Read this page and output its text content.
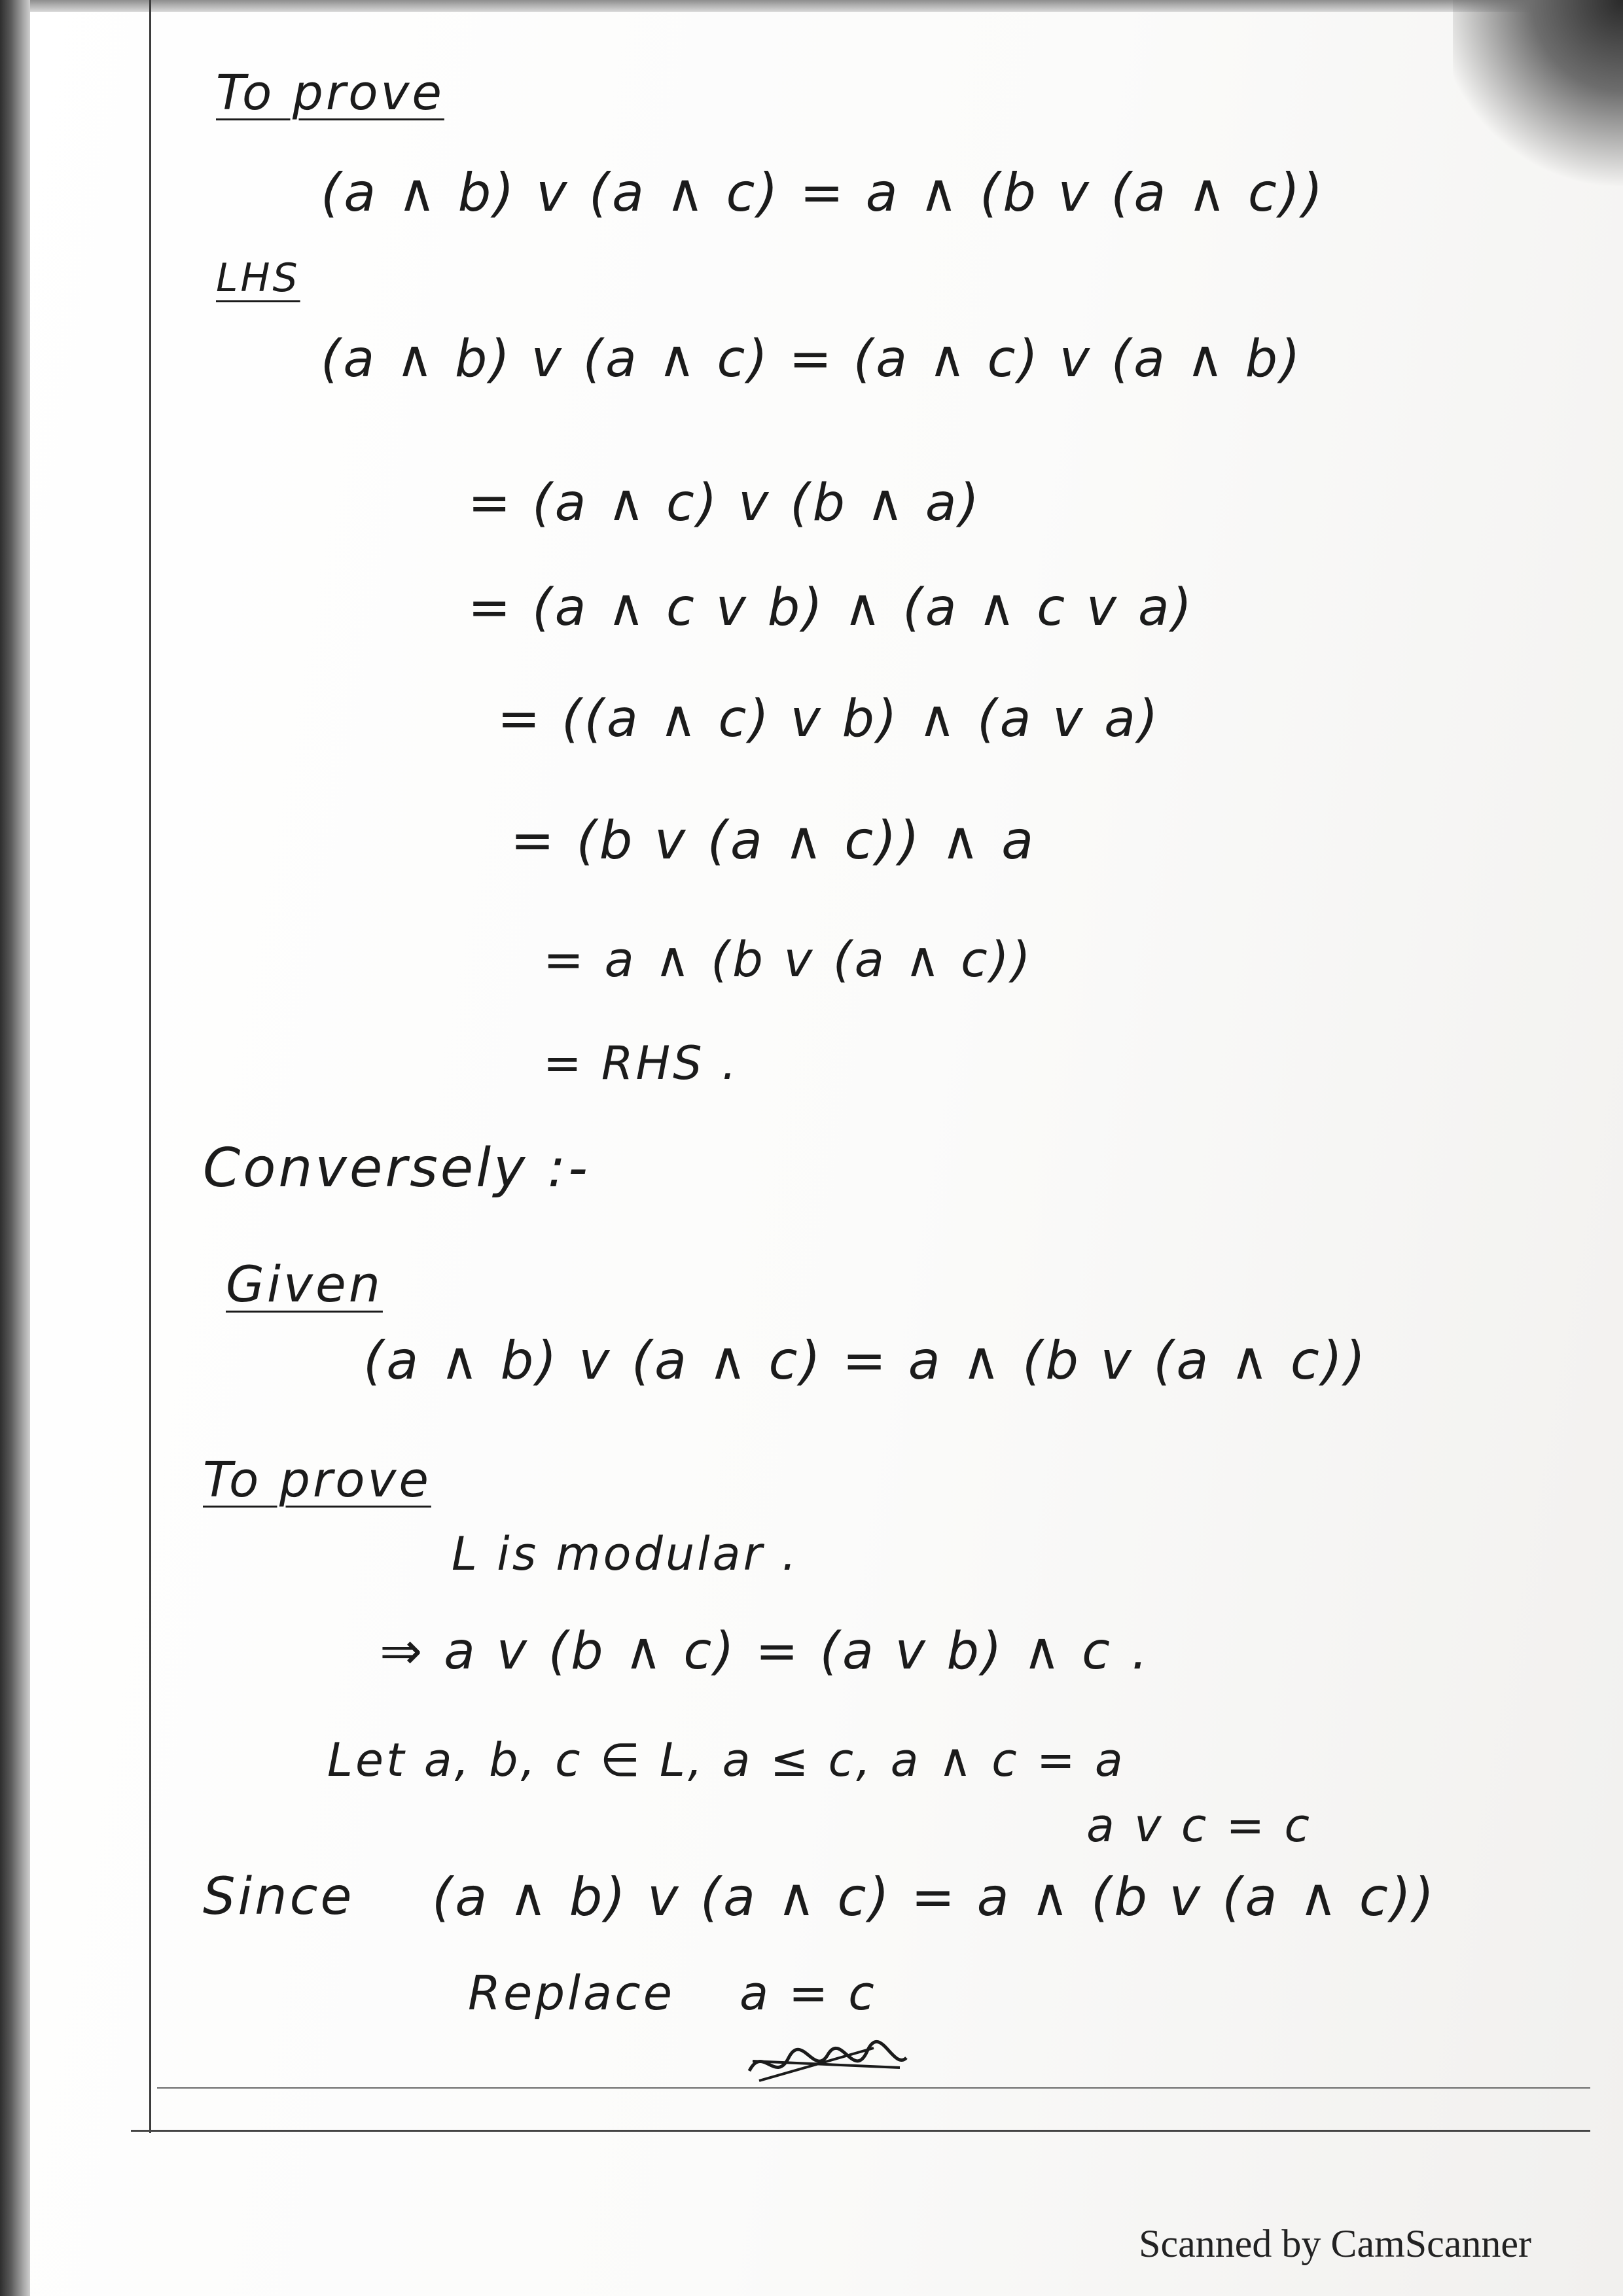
To prove

(a ∧ b) v (a ∧ c) = a ∧ (b v (a ∧ c))

LHS

(a ∧ b) v (a ∧ c) = (a ∧ c) v (a ∧ b)

= (a ∧ c) v (b ∧ a)

= (a ∧ c v b) ∧ (a ∧ c v a)

= ((a ∧ c) v b) ∧ (a v a)

= (b v (a ∧ c)) ∧ a

= a ∧ (b v (a ∧ c))

= RHS .

Conversely :-

Given

(a ∧ b) v (a ∧ c) = a ∧ (b v (a ∧ c))

To prove

L is modular .

⇒ a v (b ∧ c) = (a v b) ∧ c .

Let a, b, c ∈ L, a ≤ c, a ∧ c = a

a v c = c

Since (a ∧ b) v (a ∧ c) = a ∧ (b v (a ∧ c))

Replace a = c

Scanned by CamScanner
